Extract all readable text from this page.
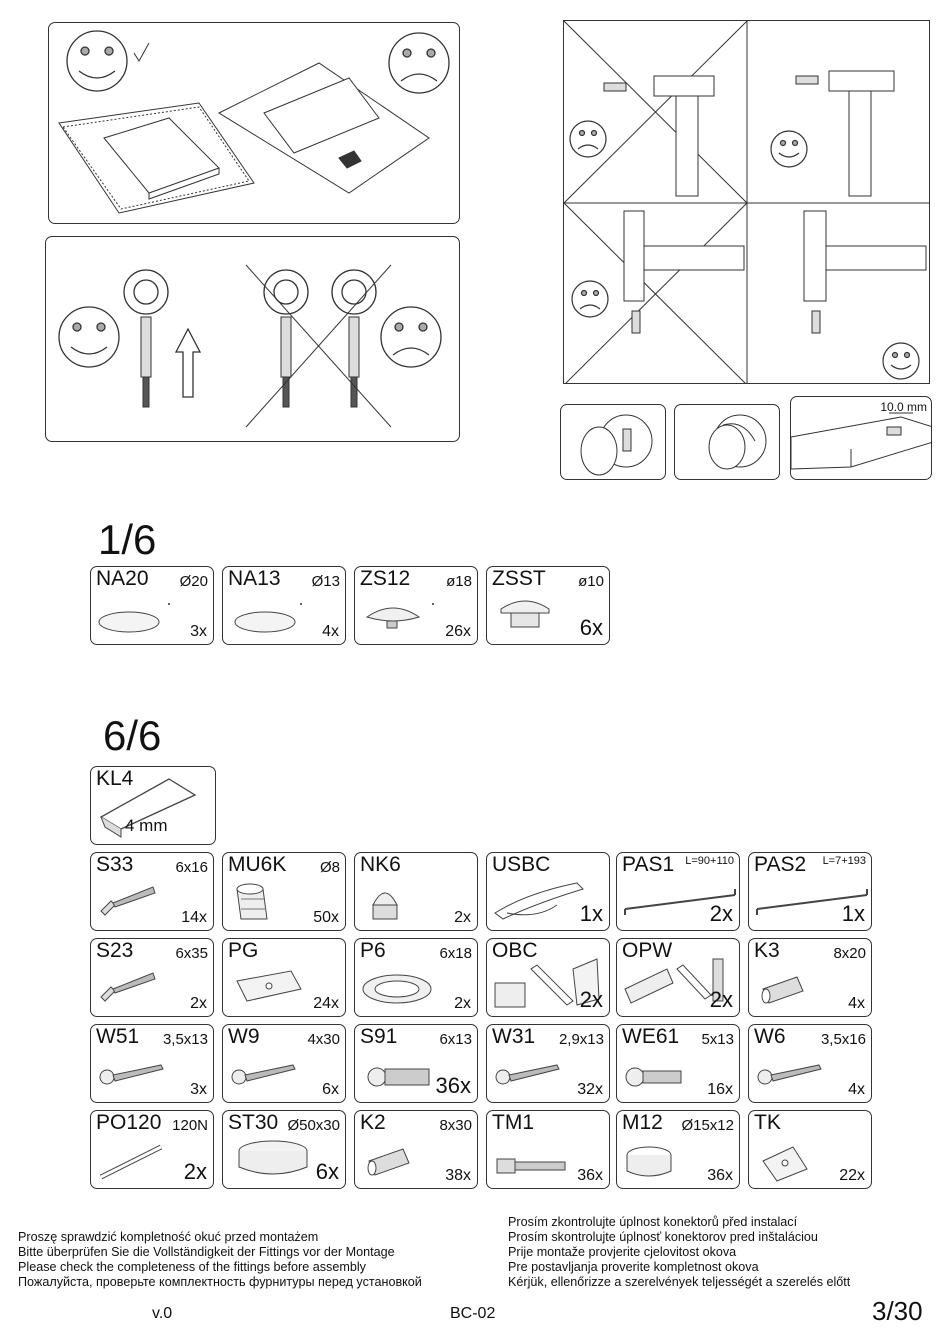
10.0 mm
1/6
NA20 Ø20
3x
NA13 Ø13
4x
ZS12 ø18
26x
ZSST ø10
6x
6/6
KL4
4 mm
S33	6x16
14x
MU6K Ø8
50x
NK6
2x
USBC
1x
PAS1 L=90+110
2x
PAS2 L=7+193
1x
S23	6x35
2x
PG
24x
P6	6x18
2x
OBC
2x
OPW
2x
K3	8x20
4x
W51 3,5x13
3x
W9	4x30
6x
S91	6x13
36x
W31 2,9x13
32x
WE61 5x13
16x
W6 3,5x16
4x
PO120 120N
2x
ST30 Ø50x30
6x
K2	8x30
38x
TM1
36x
M12 Ø15x12
36x
TK
22x
Proszę sprawdzić kompletność okuć przed montażem
Bitte überprüfen Sie die Vollständigkeit der Fittings vor der Montage
Please check the completeness of the fittings before assembly
Пожалуйста, проверьте комплектность фурнитуры перед установкой
Prosím zkontrolujte úplnost konektorů před instalací
Prosím skontrolujte úplnosť konektorov pred inštaláciou
Prije montaže provjerite cjelovitost okova
Pre postavljanja proverite kompletnost okova
Kérjük, ellenőrizze a szerelvények teljességét a szerelés előtt
v.0	BC-02	3/30
